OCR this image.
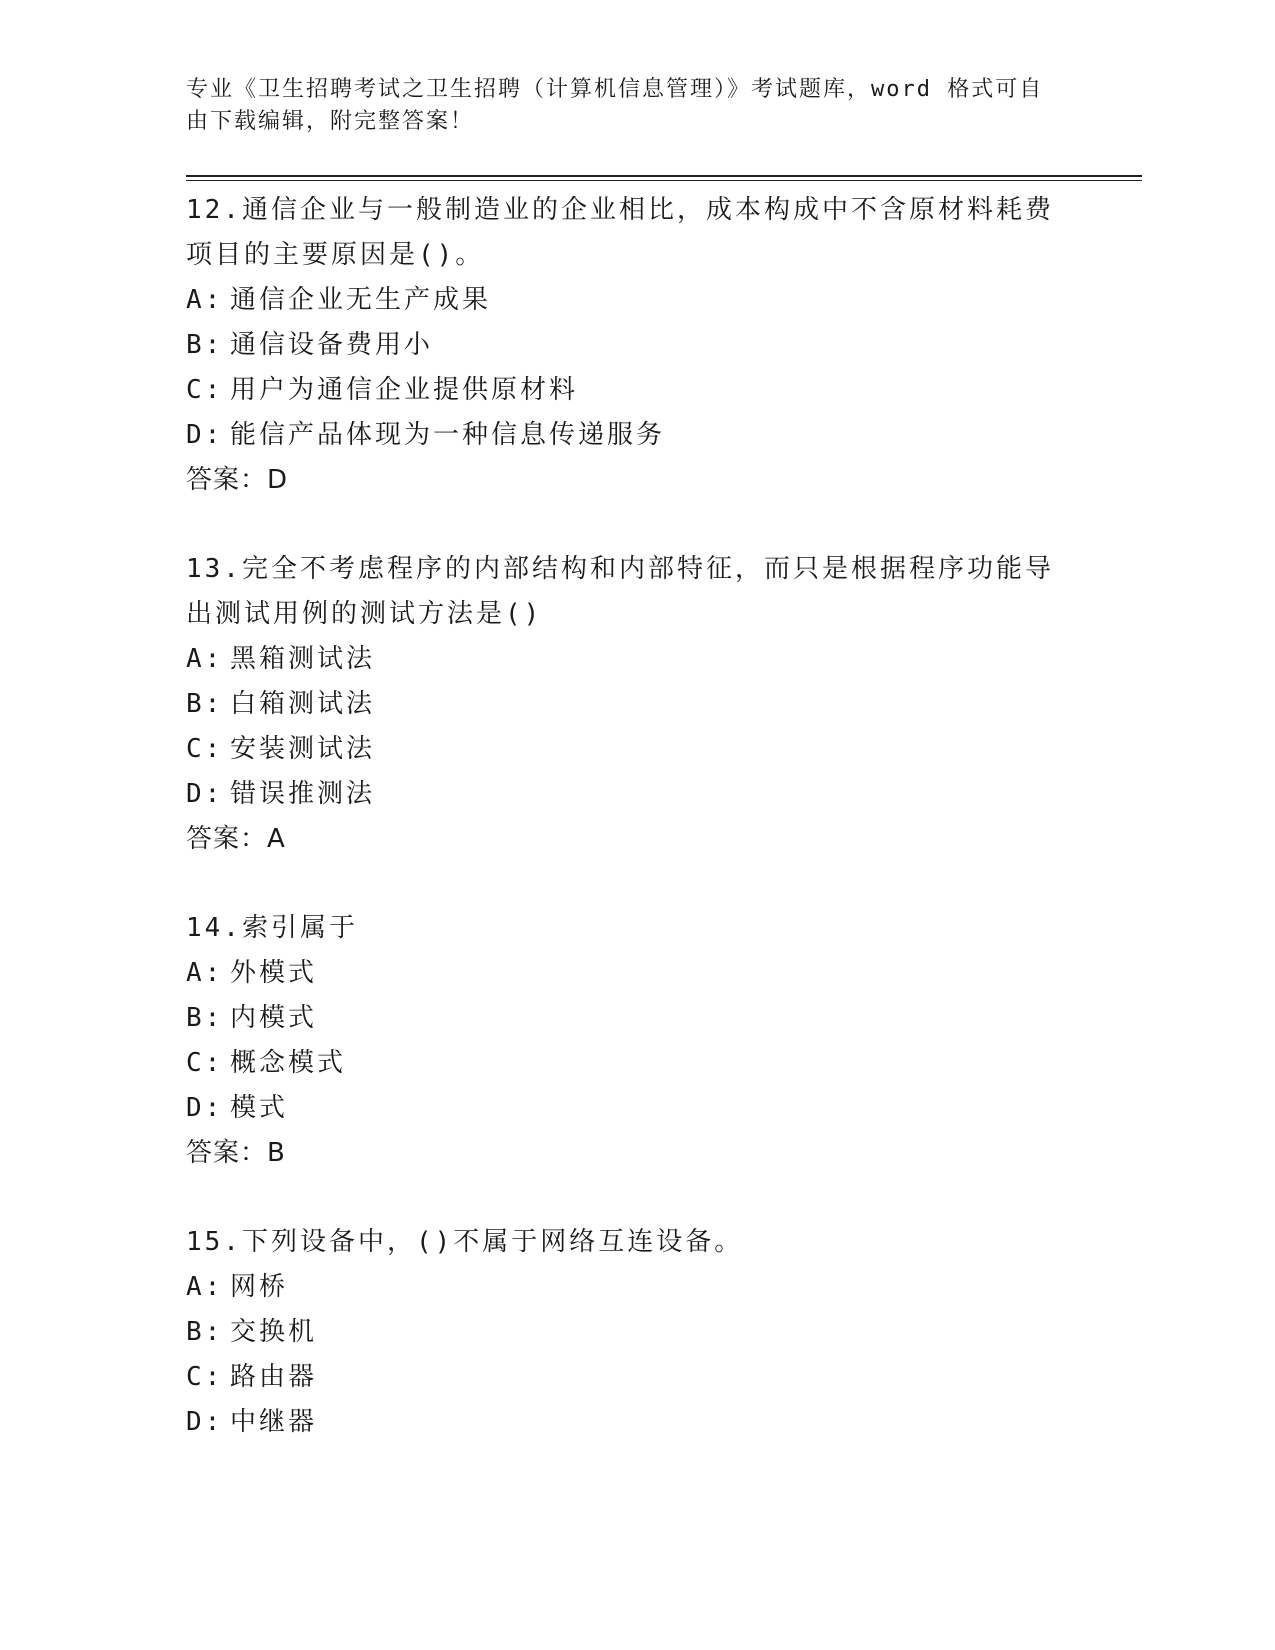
专业《卫生招聘考试之卫生招聘（计算机信息管理）》考试题库，word 格式可自由下载编辑，附完整答案！
12.通信企业与一般制造业的企业相比，成本构成中不含原材料耗费项目的主要原因是()。
A: 通信企业无生产成果
B: 通信设备费用小
C: 用户为通信企业提供原材料
D: 能信产品体现为一种信息传递服务
答案：D
13.完全不考虑程序的内部结构和内部特征，而只是根据程序功能导出测试用例的测试方法是()
A: 黑箱测试法
B: 白箱测试法
C: 安装测试法
D: 错误推测法
答案：A
14.索引属于
A: 外模式
B: 内模式
C: 概念模式
D: 模式
答案：B
15.下列设备中，()不属于网络互连设备。
A: 网桥
B: 交换机
C: 路由器
D: 中继器
